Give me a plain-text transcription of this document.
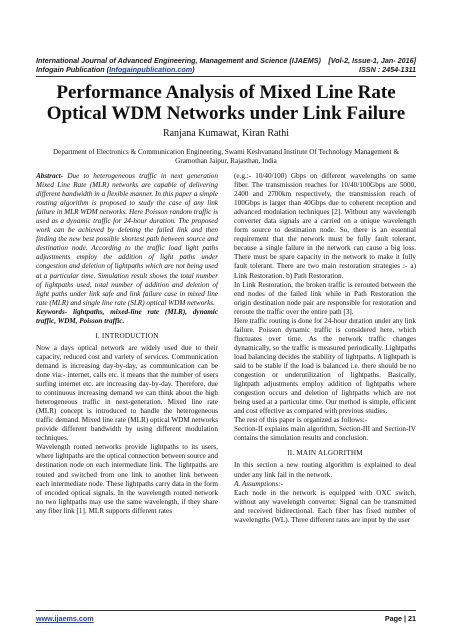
International Journal of Advanced Engineering, Management and Science (IJAEMS) [Vol-2, Issue-1, Jan- 2016]
Infogain Publication (Infogainpublication.com)	ISSN : 2454-1311
Performance Analysis of Mixed Line Rate Optical WDM Networks under Link Failure
Ranjana Kumawat, Kiran Rathi
Department of Electronics & Communication Engineering, Swami Keshvanand Institute Of Technology Management & Gramothan Jaipur, Rajasthan, India

Abstract- Due to heterogeneous traffic in next generation Mixed Line Rate (MLR) networks are capable of delivering different bandwidth in a flexible manner. In this paper a simple routing algorithm is proposed to study the case of any link failure in MLR WDM networks. Here Poisson random traffic is used as a dynamic traffic for 24-hour duration. The proposed work can be achieved by deleting the failed link and then finding the new best possible shortest path between source and destination node. According to the traffic load light paths adjustments employ the addition of light paths under congestion and deletion of lightpaths which are not being used at a particular time. Simulation result shows the total number of lightpaths used, total number of addition and deletion of light paths under link safe and link failure case in mixed line rate (MLR) and single line rate (SLR) optical WDM networks.

Keywords- lightpaths, mixed-line rate (MLR), dynamic traffic, WDM, Poisson traffic.

I. INTRODUCTION

Now a days optical network are widely used due to their capacity, reduced cost and variety of services. Communication demand is increasing day-by-day, as communication can be done via:- internet, calls etc. it means that the number of users surfing internet etc. are increasing day-by-day. Therefore, due to continuous increasing demand we can think about the high heterogeneous traffic in next-generation. Mixed line rate (MLR) concept is introduced to handle the heterogeneous traffic demand. Mixed line rate (MLR) optical WDM networks provide different bandwidth by using different modulation techniques.

Wavelength routed networks provide lightpaths to its users, where lightpaths are the optical connection between source and destination node on each intermediate link. The lightpaths are routed and switched from one link to another link between each intermediate node. These lightpaths carry data in the form of encoded optical signals. In the wavelength routed network no two lightpaths may use the same wavelength, if they share any fiber link [1]. MLR supports different rates

(e.g.:- 10/40/100) Gbps on different wavelengths on same fiber. The transmission reaches for 10/40/100Gbps are 5000, 2400 and 2700km respectively, the transmission reach of 100Gbps is larger than 40Gbps due to coherent reception and advanced modulation techniques [2]. Without any wavelength converter data signals are a carried on a unique wavelength form source to destination node. So, there is an essential requirement that the network must be fully fault tolerant, because a single failure in the network can cause a big loss. There must be spare capacity in the network to make it fully fault tolerant. There are two main restoration strategies :- a) Link Restoration. b) Path Restoration.

In Link Restoration, the broken traffic is rerouted between the end nodes of the failed link while in Path Restoration the origin destination node pair are responsible for restoration and reroute the traffic over the entire path [3].

Here traffic routing is done for 24-hour duration under any link failure. Poisson dynamic traffic is considered here, which fluctuates over time. As the network traffic changes dynamically, so the traffic is measured periodically. Lightpaths load balancing decides the stability of lightpaths. A lightpath is said to be stable if the load is balanced i.e. there should be no congestion or underutilization of lightpaths. Basically, lightpath adjustments employ addition of lightpaths where congestion occurs and deletion of lightpaths which are not being used at a particular time. Our method is simple, efficient and cost effective as compared with previous studies.

The rest of this paper is organized as follows:-

Section-II explains main algorithm, Section-III and Section-IV contains the simulation results and conclusion.

II. MAIN ALGORITHM

In this section a new routing algorithm is explained to deal under any link fail in the network.

A. Assumptions:-

Each node in the network is equipped with OXC switch, without any wavelength converter. Signal can be transmitted and received bidirectional. Each fiber has fixed number of wavelengths (WL). Three different rates are input by the user

www.ijaems.com	Page | 21
